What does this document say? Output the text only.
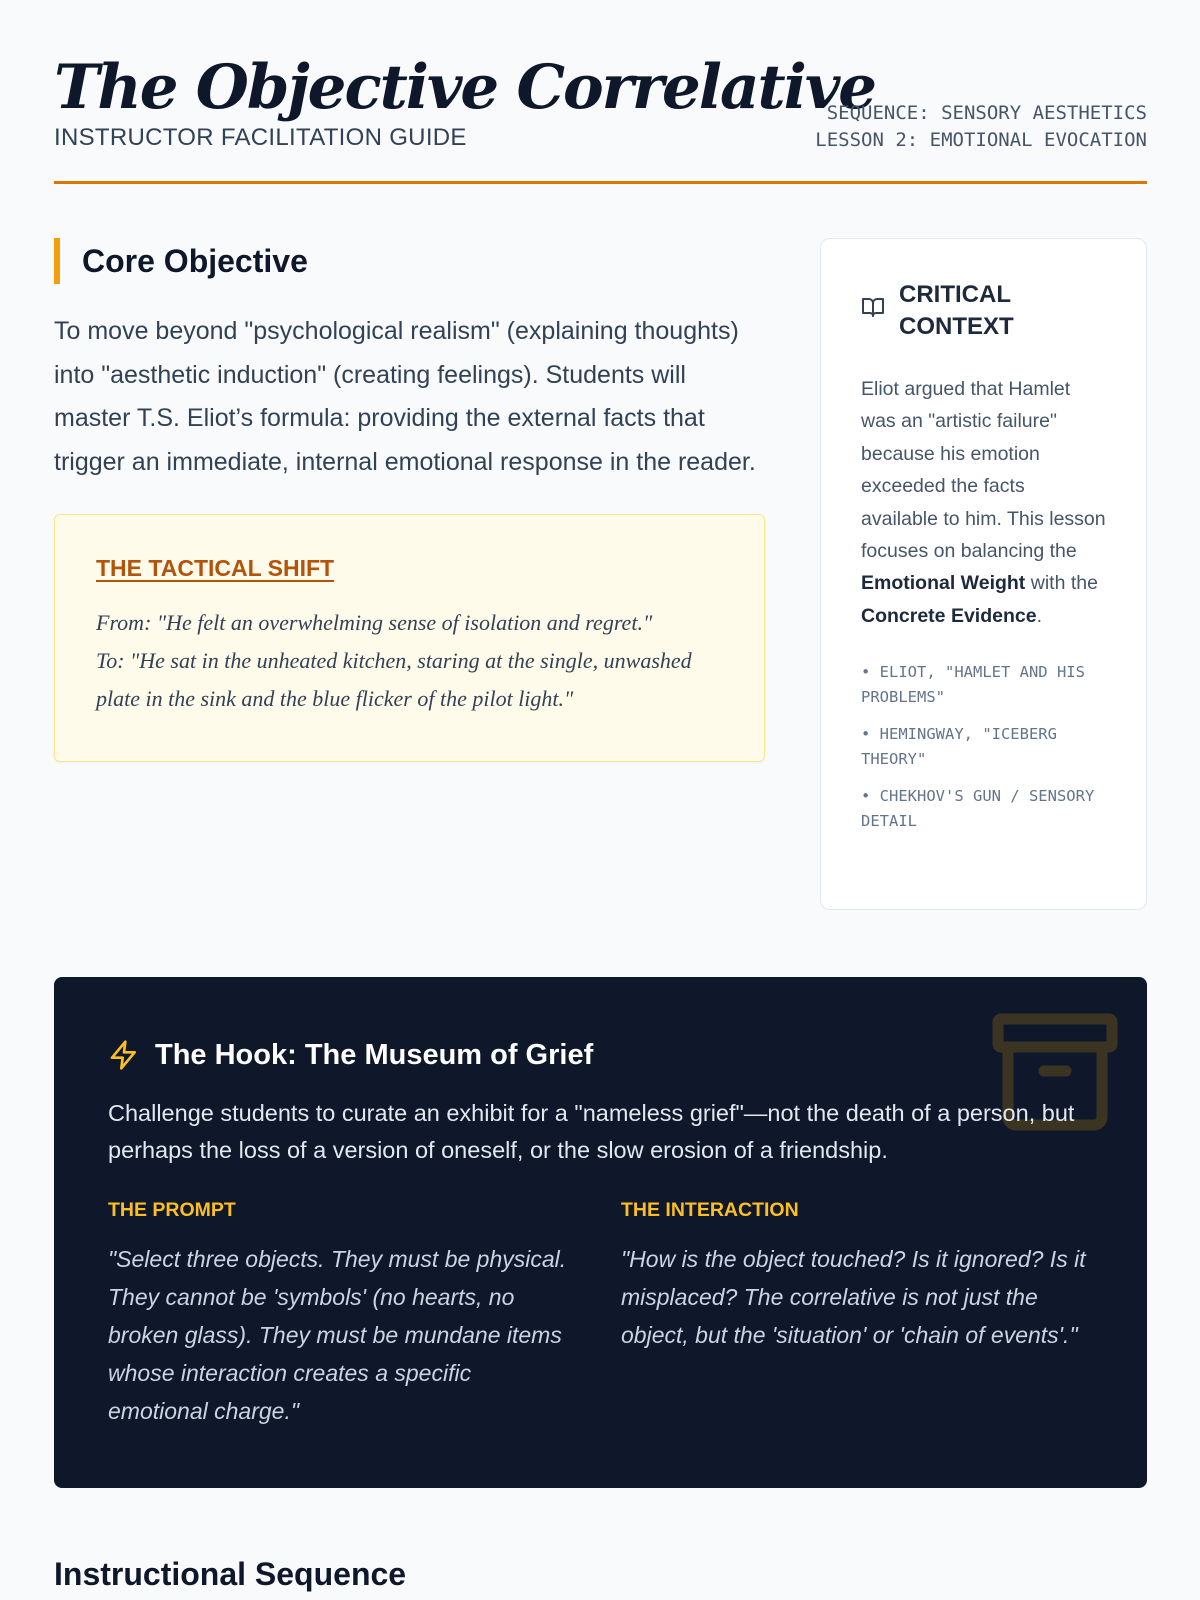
The Objective Correlative
INSTRUCTOR FACILITATION GUIDE
SEQUENCE: SENSORY AESTHETICS
LESSON 2: EMOTIONAL EVOCATION
Core Objective

To move beyond "psychological realism" (explaining thoughts) into "aesthetic induction" (creating feelings). Students will master T.S. Eliot’s formula: providing the external facts that trigger an immediate, internal emotional response in the reader.

THE TACTICAL SHIFT
From: "He felt an overwhelming sense of isolation and regret."
To: "He sat in the unheated kitchen, staring at the single, unwashed plate in the sink and the blue flicker of the pilot light."
CRITICAL CONTEXT

Eliot argued that Hamlet was an "artistic failure" because his emotion exceeded the facts available to him. This lesson focuses on balancing the Emotional Weight with the Concrete Evidence.

• ELIOT, "HAMLET AND HIS PROBLEMS"
• HEMINGWAY, "ICEBERG THEORY"
• CHEKHOV'S GUN / SENSORY DETAIL
The Hook: The Museum of Grief

Challenge students to curate an exhibit for a "nameless grief"—not the death of a person, but perhaps the loss of a version of oneself, or the slow erosion of a friendship.

THE PROMPT

"Select three objects. They must be physical. They cannot be 'symbols' (no hearts, no broken glass). They must be mundane items whose interaction creates a specific emotional charge."

THE INTERACTION

"How is the object touched? Is it ignored? Is it misplaced? The correlative is not just the object, but the 'situation' or 'chain of events'."

Instructional Sequence
